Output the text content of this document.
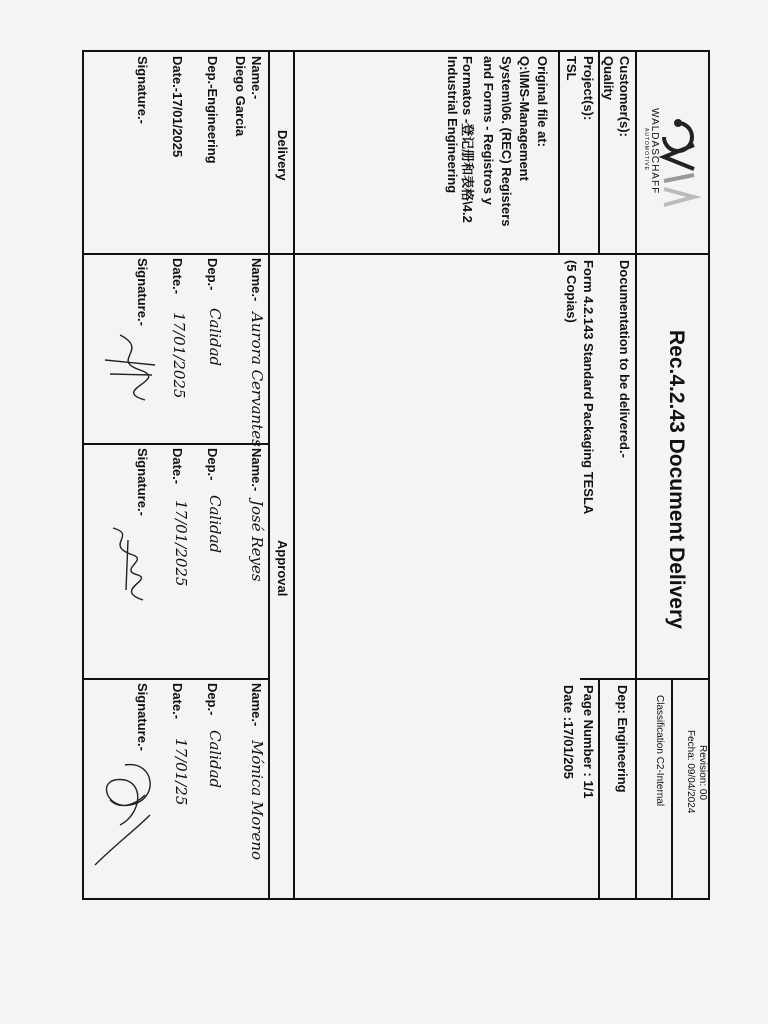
WALDASCHAFF
AUTOMOTIVE
Rec.4.2.43 Document Delivery
Revision: 00
Fecha: 09/04/2024
Classification C2-Internal
Customer(s):
Quality
Project(s):
TSL
Original file at:
Q:\IMS-Management
System\06. (REC) Registers
and Forms - Registros y
Formatos -登记册和表格\4.2
Industrial Engineering
Documentation to be delivered.-
Form 4.2.143 Standard Packaging TESLA
(5 Copias)
Dep: Engineering
Page Number : 1/1
Date :17/01/205
Delivery
Approval
Name.-
Diego Garcia
Dep.-Engineering
Date.-17/01/2025
Signature.-
Name.-
Aurora Cervantes
Dep.-
Calidad
Date.-
17/01/2025
Signature.-
Name.-
José Reyes
Dep.-
Calidad
Date.-
17/01/2025
Signature.-
Name.-
Mónica Moreno
Dep.-
Calidad
Date.-
17/01/25
Signature.-
